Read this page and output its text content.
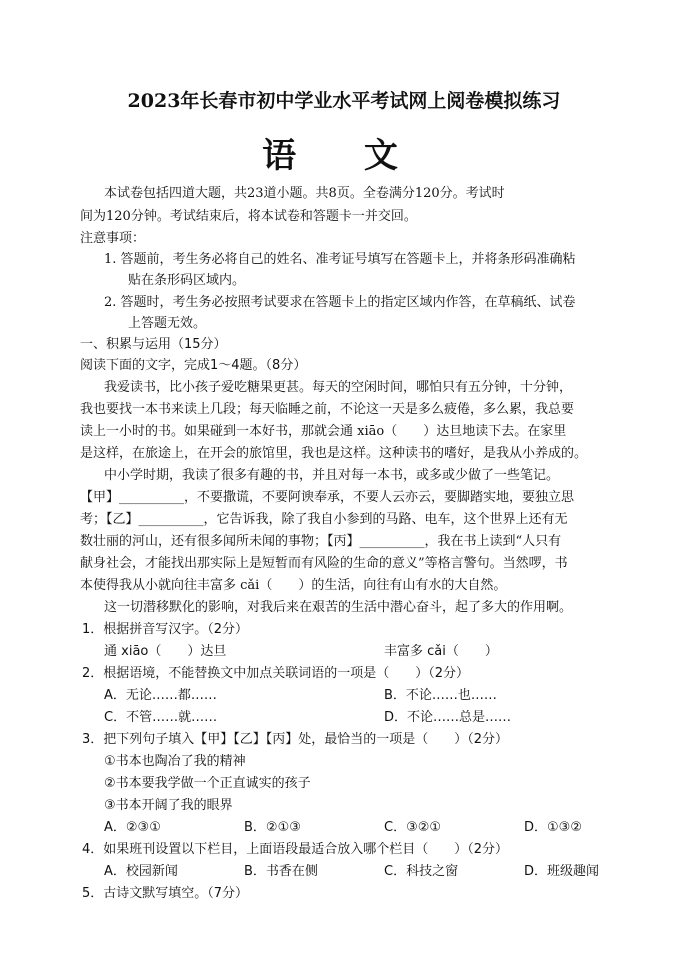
2023年长春市初中学业水平考试网上阅卷模拟练习
语 文
本试卷包括四道大题，共23道小题。共8页。全卷满分120分。考试时
间为120分钟。考试结束后，将本试卷和答题卡一并交回。
注意事项：
1. 答题前，考生务必将自己的姓名、准考证号填写在答题卡上，并将条形码准确粘
贴在条形码区域内。
2. 答题时，考生务必按照考试要求在答题卡上的指定区域内作答，在草稿纸、试卷
上答题无效。
一、积累与运用（15分）
阅读下面的文字，完成1～4题。（8分）
我爱读书，比小孩子爱吃糖果更甚。每天的空闲时间，哪怕只有五分钟，十分钟，
我也要找一本书来读上几段；每天临睡之前，不论这一天是多么疲倦，多么累，我总要
读上一小时的书。如果碰到一本好书，那就会通 xiāo（　　）达旦地读下去。在家里
是这样，在旅途上，在开会的旅馆里，我也是这样。这种读书的嗜好，是我从小养成的。
中小学时期，我读了很多有趣的书，并且对每一本书，或多或少做了一些笔记。
【甲】__________，不要撒谎，不要阿谀奉承，不要人云亦云，要脚踏实地，要独立思
考；【乙】__________，它告诉我，除了我自小参到的马路、电车，这个世界上还有无
数壮丽的河山，还有很多闻所未闻的事物；【丙】__________，我在书上读到“人只有
献身社会，才能找出那实际上是短暂而有风险的生命的意义”等格言警句。当然啰，书
本使得我从小就向往丰富多 cǎi（　　）的生活，向往有山有水的大自然。
这一切潜移默化的影响，对我后来在艰苦的生活中潜心奋斗，起了多大的作用啊。
1．根据拼音写汉字。（2分）
通 xiāo（　　）达旦	丰富多 cǎi（　　）
2．根据语境，不能替换文中加点关联词语的一项是（　　）（2分）
A．无论……都……	B．不论……也……
C．不管……就……	D．不论……总是……
3．把下列句子填入【甲】【乙】【丙】处，最恰当的一项是（　　）（2分）
①书本也陶冶了我的精神
②书本要我学做一个正直诚实的孩子
③书本开阔了我的眼界
A．②③①	B．②①③	C．③②①	D．①③②
4．如果班刊设置以下栏目，上面语段最适合放入哪个栏目（　　）（2分）
A．校园新闻	B．书香在侧	C．科技之窗	D．班级趣闻
5．古诗文默写填空。（7分）
